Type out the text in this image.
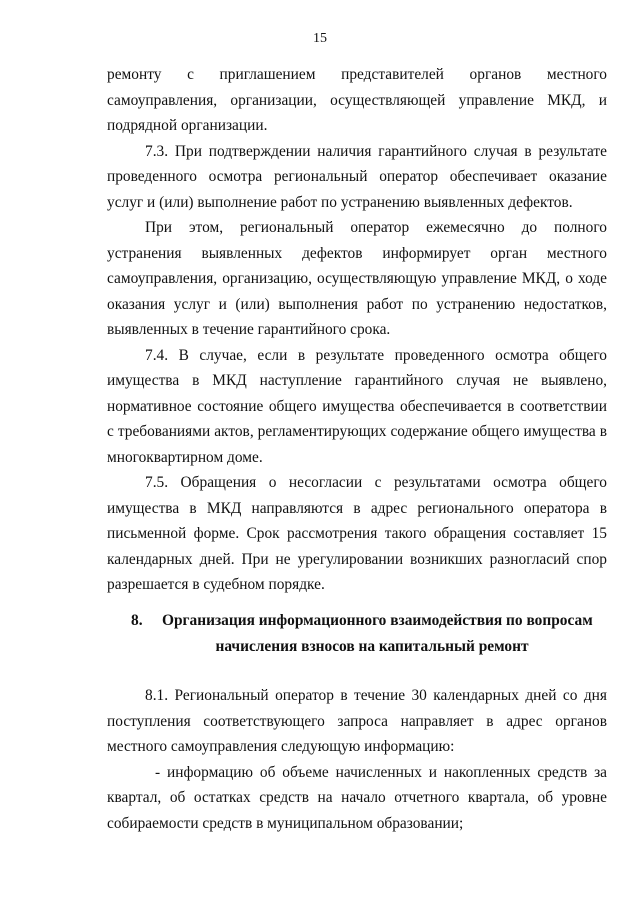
15

ремонту с приглашением представителей органов местного самоуправления, организации, осуществляющей управление МКД, и подрядной организации.

7.3. При подтверждении наличия гарантийного случая в результате проведенного осмотра региональный оператор обеспечивает оказание услуг и (или) выполнение работ по устранению выявленных дефектов.

При этом, региональный оператор ежемесячно до полного устранения выявленных дефектов информирует орган местного самоуправления, организацию, осуществляющую управление МКД, о ходе оказания услуг и (или) выполнения работ по устранению недостатков, выявленных в течение гарантийного срока.

7.4. В случае, если в результате проведенного осмотра общего имущества в МКД наступление гарантийного случая не выявлено, нормативное состояние общего имущества обеспечивается в соответствии с требованиями актов, регламентирующих содержание общего имущества в многоквартирном доме.

7.5. Обращения о несогласии с результатами осмотра общего имущества в МКД направляются в адрес регионального оператора в письменной форме. Срок рассмотрения такого обращения составляет 15 календарных дней. При не урегулировании возникших разногласий спор разрешается в судебном порядке.

8. Организация информационного взаимодействия по вопросам
начисления взносов на капитальный ремонт

8.1. Региональный оператор в течение 30 календарных дней со дня поступления соответствующего запроса направляет в адрес органов местного самоуправления следующую информацию:

- информацию об объеме начисленных и накопленных средств за квартал, об остатках средств на начало отчетного квартала, об уровне собираемости средств в муниципальном образовании;
